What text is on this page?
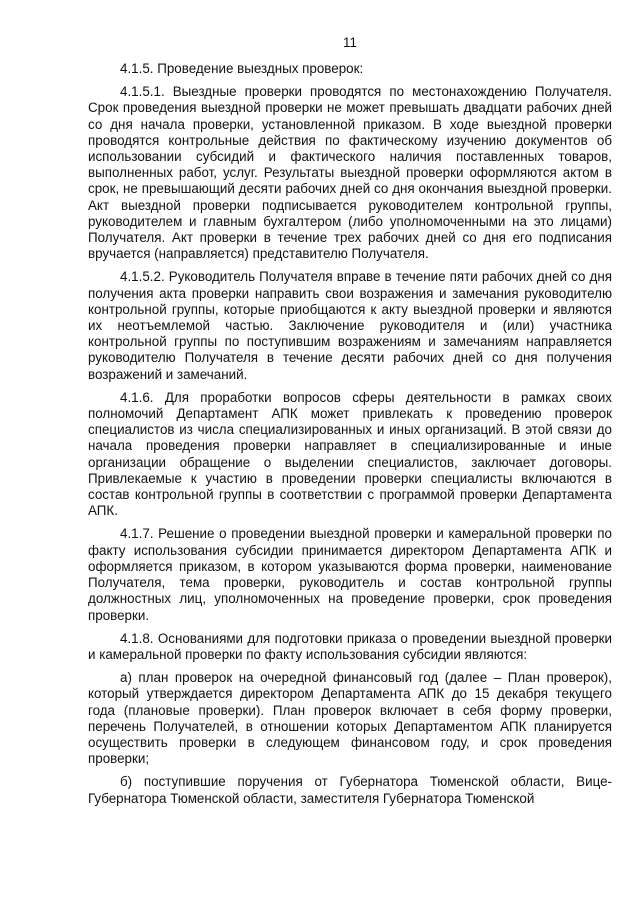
11

4.1.5. Проведение выездных проверок:

4.1.5.1. Выездные проверки проводятся по местонахождению Получателя. Срок проведения выездной проверки не может превышать двадцати рабочих дней со дня начала проверки, установленной приказом. В ходе выездной проверки проводятся контрольные действия по фактическому изучению документов об использовании субсидий и фактического наличия поставленных товаров, выполненных работ, услуг. Результаты выездной проверки оформляются актом в срок, не превышающий десяти рабочих дней со дня окончания выездной проверки. Акт выездной проверки подписывается руководителем контрольной группы, руководителем и главным бухгалтером (либо уполномоченными на это лицами) Получателя. Акт проверки в течение трех рабочих дней со дня его подписания вручается (направляется) представителю Получателя.

4.1.5.2. Руководитель Получателя вправе в течение пяти рабочих дней со дня получения акта проверки направить свои возражения и замечания руководителю контрольной группы, которые приобщаются к акту выездной проверки и являются их неотъемлемой частью. Заключение руководителя и (или) участника контрольной группы по поступившим возражениям и замечаниям направляется руководителю Получателя в течение десяти рабочих дней со дня получения возражений и замечаний.

4.1.6. Для проработки вопросов сферы деятельности в рамках своих полномочий Департамент АПК может привлекать к проведению проверок специалистов из числа специализированных и иных организаций. В этой связи до начала проведения проверки направляет в специализированные и иные организации обращение о выделении специалистов, заключает договоры. Привлекаемые к участию в проведении проверки специалисты включаются в состав контрольной группы в соответствии с программой проверки Департамента АПК.

4.1.7. Решение о проведении выездной проверки и камеральной проверки по факту использования субсидии принимается директором Департамента АПК и оформляется приказом, в котором указываются форма проверки, наименование Получателя, тема проверки, руководитель и состав контрольной группы должностных лиц, уполномоченных на проведение проверки, срок проведения проверки.

4.1.8. Основаниями для подготовки приказа о проведении выездной проверки и камеральной проверки по факту использования субсидии являются:

а) план проверок на очередной финансовый год (далее – План проверок), который утверждается директором Департамента АПК до 15 декабря текущего года (плановые проверки). План проверок включает в себя форму проверки, перечень Получателей, в отношении которых Департаментом АПК планируется осуществить проверки в следующем финансовом году, и срок проведения проверки;

б) поступившие поручения от Губернатора Тюменской области, Вице-Губернатора Тюменской области, заместителя Губернатора Тюменской
